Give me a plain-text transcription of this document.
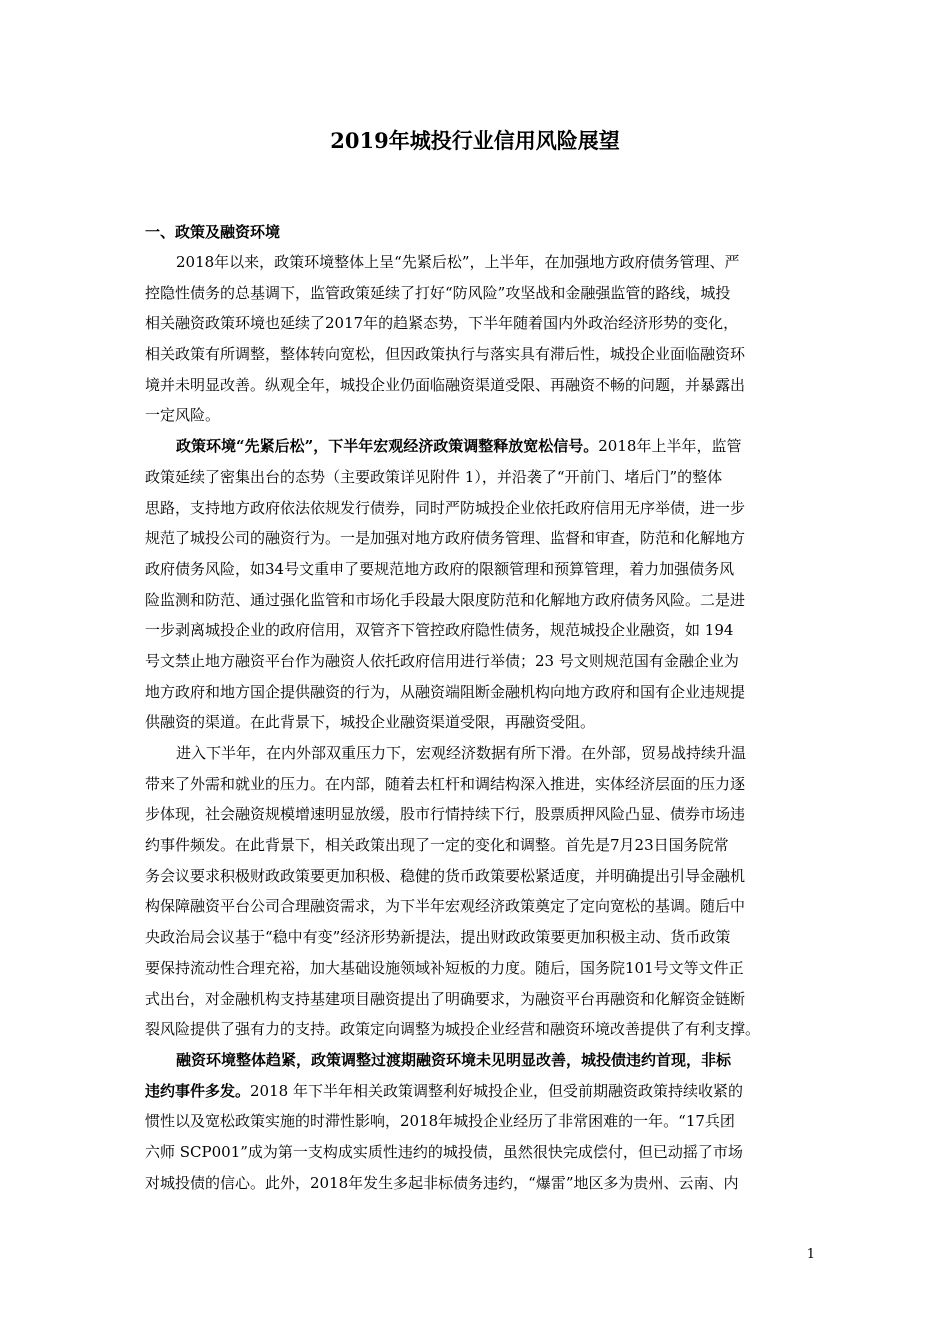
2019年城投行业信用风险展望

一、政策及融资环境

2018年以来，政策环境整体上呈“先紧后松”，上半年，在加强地方政府债务管理、严

控隐性债务的总基调下，监管政策延续了打好“防风险”攻坚战和金融强监管的路线，城投

相关融资政策环境也延续了2017年的趋紧态势，下半年随着国内外政治经济形势的变化，

相关政策有所调整，整体转向宽松，但因政策执行与落实具有滞后性，城投企业面临融资环

境并未明显改善。纵观全年，城投企业仍面临融资渠道受限、再融资不畅的问题，并暴露出

一定风险。

政策环境“先紧后松”，下半年宏观经济政策调整释放宽松信号。2018年上半年，监管

政策延续了密集出台的态势（主要政策详见附件 1），并沿袭了“开前门、堵后门”的整体

思路，支持地方政府依法依规发行债券，同时严防城投企业依托政府信用无序举债，进一步

规范了城投公司的融资行为。一是加强对地方政府债务管理、监督和审查，防范和化解地方

政府债务风险，如34号文重申了要规范地方政府的限额管理和预算管理，着力加强债务风

险监测和防范、通过强化监管和市场化手段最大限度防范和化解地方政府债务风险。二是进

一步剥离城投企业的政府信用，双管齐下管控政府隐性债务，规范城投企业融资，如 194

号文禁止地方融资平台作为融资人依托政府信用进行举债；23 号文则规范国有金融企业为

地方政府和地方国企提供融资的行为，从融资端阻断金融机构向地方政府和国有企业违规提

供融资的渠道。在此背景下，城投企业融资渠道受限，再融资受阻。

进入下半年，在内外部双重压力下，宏观经济数据有所下滑。在外部，贸易战持续升温

带来了外需和就业的压力。在内部，随着去杠杆和调结构深入推进，实体经济层面的压力逐

步体现，社会融资规模增速明显放缓，股市行情持续下行，股票质押风险凸显、债券市场违

约事件频发。在此背景下，相关政策出现了一定的变化和调整。首先是7月23日国务院常

务会议要求积极财政政策要更加积极、稳健的货币政策要松紧适度，并明确提出引导金融机

构保障融资平台公司合理融资需求，为下半年宏观经济政策奠定了定向宽松的基调。随后中

央政治局会议基于“稳中有变”经济形势新提法，提出财政政策要更加积极主动、货币政策

要保持流动性合理充裕，加大基础设施领域补短板的力度。随后，国务院101号文等文件正

式出台，对金融机构支持基建项目融资提出了明确要求，为融资平台再融资和化解资金链断

裂风险提供了强有力的支持。政策定向调整为城投企业经营和融资环境改善提供了有利支撑。

融资环境整体趋紧，政策调整过渡期融资环境未见明显改善，城投债违约首现，非标

违约事件多发。2018 年下半年相关政策调整利好城投企业，但受前期融资政策持续收紧的

惯性以及宽松政策实施的时滞性影响，2018年城投企业经历了非常困难的一年。“17兵团

六师 SCP001”成为第一支构成实质性违约的城投债，虽然很快完成偿付，但已动摇了市场

对城投债的信心。此外，2018年发生多起非标债务违约，“爆雷”地区多为贵州、云南、内

1
